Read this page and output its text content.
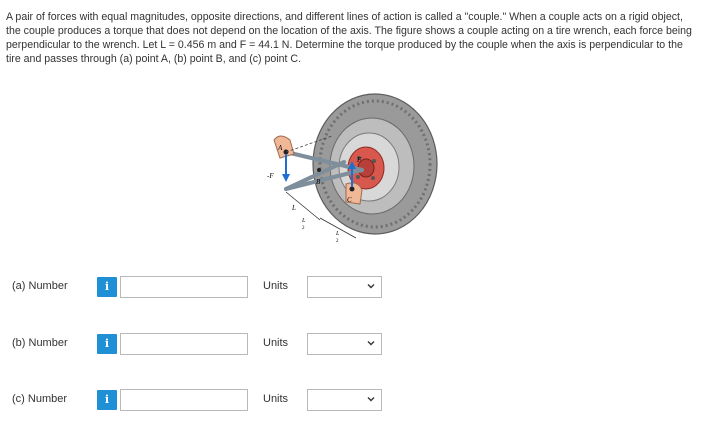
A pair of forces with equal magnitudes, opposite directions, and different lines of action is called a "couple." When a couple acts on a rigid object, the couple produces a torque that does not depend on the location of the axis. The figure shows a couple acting on a tire wrench, each force being perpendicular to the wrench. Let L = 0.456 m and F = 44.1 N. Determine the torque produced by the couple when the axis is perpendicular to the tire and passes through (a) point A, (b) point B, and (c) point C.

A
-F
F
B
C
L
L
2
L
2
(a) Number	i	Units
(b) Number	i	Units
(c) Number	i	Units
